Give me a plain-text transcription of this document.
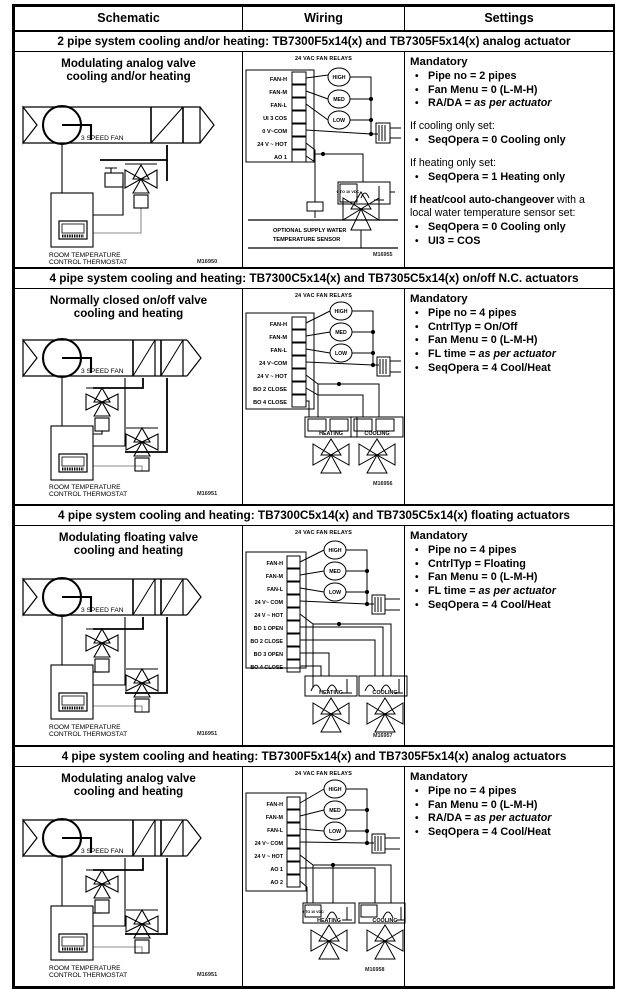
Schematic	Wiring	Settings
2 pipe system cooling and/or heating: TB7300F5x14(x) and TB7305F5x14(x) analog actuator		

Modulating analog valve
cooling and/or heating
3 SPEED FAN
ROOM TEMPERATURE
CONTROL THERMOSTAT	M16950

24 VAC FAN RELAYS
FAN-H
FAN-M
FAN-L
UI 3 COS
0 V~COM
24 V ~ HOT
AO 1
HIGH
MED
LOW
0 TO 10 VDC
OPTIONAL SUPPLY WATER
TEMPERATURE SENSOR
M16955

Mandatory
• Pipe no = 2 pipes
• Fan Menu = 0 (L-M-H)
• RA/DA = as per actuator
If cooling only set:
• SeqOpera = 0 Cooling only
If heating only set:
• SeqOpera = 1 Heating only
If heat/cool auto-changeover with a local water temperature sensor set:
• SeqOpera = 0 Cooling only
• UI3 = COS

4 pipe system cooling and heating: TB7300C5x14(x) and TB7305C5x14(x) on/off N.C. actuators		

Normally closed on/off valve
cooling and heating
3 SPEED FAN
ROOM TEMPERATURE
CONTROL THERMOSTAT	M16951

24 VAC FAN RELAYS
FAN-H
FAN-M
FAN-L
24 V~COM
24 V ~ HOT
BO 2 CLOSE
BO 4 CLOSE
HIGH
MED
LOW
HEATING	COOLING
M16956

Mandatory
• Pipe no = 4 pipes
• CntrlTyp = On/Off
• Fan Menu = 0 (L-M-H)
• FL time = as per actuator
• SeqOpera = 4 Cool/Heat

4 pipe system cooling and heating: TB7300C5x14(x) and TB7305C5x14(x) floating actuators		

Modulating floating valve
cooling and heating
3 SPEED FAN
ROOM TEMPERATURE
CONTROL THERMOSTAT	M16951

24 VAC FAN RELAYS
FAN-H
FAN-M
FAN-L
24 V~ COM
24 V ~ HOT
BO 1 OPEN
BO 2 CLOSE
BO 3 OPEN
BO 4 CLOSE
HIGH
MED
LOW
HEATING	COOLING
M16957

Mandatory
• Pipe no = 4 pipes
• CntrlTyp = Floating
• Fan Menu = 0 (L-M-H)
• FL time = as per actuator
• SeqOpera = 4 Cool/Heat

4 pipe system cooling and heating: TB7300F5x14(x) and TB7305F5x14(x) analog actuators		

Modulating analog valve
cooling and heating
3 SPEED FAN
ROOM TEMPERATURE
CONTROL THERMOSTAT	M16951

24 VAC FAN RELAYS
FAN-H
FAN-M
FAN-L
24 V~ COM
24 V ~ HOT
AO 1
AO 2
HIGH
MED
LOW
0 TO 10 VDC
HEATING	COOLING
M16958

Mandatory
• Pipe no = 4 pipes
• Fan Menu = 0 (L-M-H)
• RA/DA = as per actuator
• SeqOpera = 4 Cool/Heat
